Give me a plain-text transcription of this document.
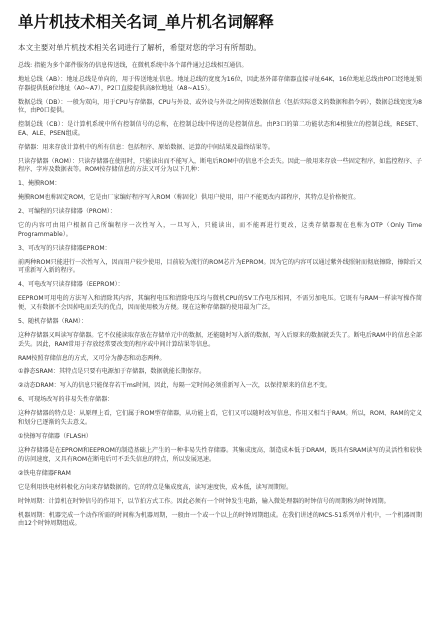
单片机技术相关名词_单片机名词解释

本文主要对单片机技术相关名词进行了解析，希望对您的学习有所帮助。

总线: 指能为多个部件服务的信息传送线，在微机系统中各个部件通过总线相互通信。

地址总线（AB）：地址总线是单向的，用于传送地址信息。地址总线的宽度为16位，因此基外部存储器直接寻址64K，16位地址总线由P0口经地址锁存器提供低8位地址（A0~A7），P2口直接提供高8位地址（A8~A15）。

数据总线（DB）：一般为双向，用于CPU与存储器，CPU与外设、或外设与外设之间传送数据信息（包括实际意义的数据和指令码），数据总线宽度为8位，由P0口提供。

控制总线（CB）：是计算机系统中所有控制信号的总称，在控制总线中传送的是控制信息。由P3口的第二功能状态和4根独立的控制总线，RESET、EA、ALE、PSEN组成。

存储器：用来存放计算机中的所有信息：包括程序、原始数据、运算的中间结果及最终结果等。

只读存储器（ROM）：只读存储器在使用时，只能读出而不能写入，断电后ROM中的信息不会丢失。因此一般用来存放一些固定程序，如监控程序、子程序、字库及数据表等。ROM按存储信息的方法又可分为以下几种：

1、掩膜ROM：

掩膜ROM也称固定ROM，它是由厂家编好程序写入ROM（称固化）供用户使用，用户不能更改内部程序，其特点是价格便宜。

2、可编程的只读存储器（PROM）：

它的内容可由用户根据自己所编程序一次性写入，一旦写入，只能读出，而不能再进行更改，这类存储器现在也称为OTP（Only Time Programmable）。

3、可改写的只读存储器EPROM：

前两种ROM只能进行一次性写入，因而用户较少使用，目前较为流行的ROM芯片为EPROM。因为它的内容可以通过紫外线照射而彻底擦除，擦除后又可重新写入新的程序。

4、可电改写只读存储器（EEPROM）：

EEPROM可用电的方法写入和清除其内容，其编程电压和清除电压均与微机CPU的5V工作电压相同，不需另加电压。它既有与RAM一样读写操作简便，又有数据不会因掉电而丢失的优点，因而使用极为方便。现在这种存储器的使用最为广泛。

5、随机存储器（RAM）：

这种存储器又叫读写存储器。它不仅能读取存放在存储单元中的数据，还能随时写入新的数据，写入后原来的数据就丢失了。断电后RAM中的信息全部丢失。因此，RAM常用于存放经常要改变的程序或中间计算结果等信息。

RAM按照存储信息的方式，又可分为静态和动态两种。

①静态SRAM：其特点是只要有电源加于存储器，数据就能长期保存。

②动态DRAM：写入的信息只能保存若干ms时间，因此，每隔一定时间必须重新写入一次，以保持原来的信息不变。

6、可现场改写的非易失性存储器：

这种存储器的特点是：从原理上看，它们属于ROM型存储器，从功能上看，它们又可以随时改写信息，作用又相当于RAM。所以，ROM、RAM的定义和划分已逐渐的失去意义。

①快擦写存储器（FLASH）

这种存储器是在EPROM和EEPROM的制造基础上产生的一种非易失性存储器。其集成度高，制造成本低于DRAM，既具有SRAM读写的灵活性和较快的访问速度，又具有ROM在断电后可不丢失信息的特点，所以发展迅速。

②铁电存储器FRAM

它是利用铁电材料极化方向来存储数据的。它的特点是集成度高，读写速度快，成本低，读写周期短。

时钟周期：计算机在时钟信号的作用下，以节拍方式工作。因此必须有一个时钟发生电路，输入微处理器的时钟信号的周期称为时钟周期。

机器周期：机器完成一个动作所需的时间称为机器周期，一般由一个或一个以上的时钟周期组成。在我们讲述的MCS-51系列单片机中，一个机器周期由12个时钟周期组成。
